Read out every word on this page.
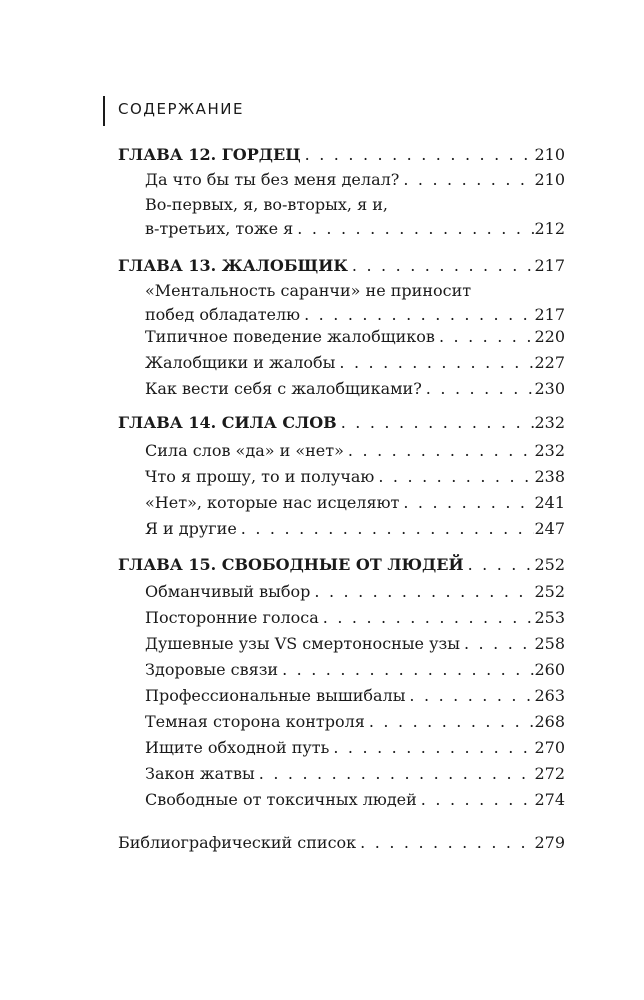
СОДЕРЖАНИЕ
ГЛАВА 12. ГОРДЕЦ . . .	210
Да что бы ты без меня делал? . . .	210
Во-первых, я, во-вторых, я и,
в-третьих, тоже я . . .	212
ГЛАВА 13. ЖАЛОБЩИК . . .	217
«Ментальность саранчи» не приносит
побед обладателю . . .	217
Типичное поведение жалобщиков . . .	220
Жалобщики и жалобы . . .	227
Как вести себя с жалобщиками? . . .	230
ГЛАВА 14. СИЛА СЛОВ . . .	232
Сила слов «да» и «нет» . . .	232
Что я прошу, то и получаю . . .	238
«Нет», которые нас исцеляют . . .	241
Я и другие . . .	247
ГЛАВА 15. СВОБОДНЫЕ ОТ ЛЮДЕЙ . . .	252
Обманчивый выбор . . .	252
Посторонние голоса . . .	253
Душевные узы VS смертоносные узы . . .	258
Здоровые связи . . .	260
Профессиональные вышибалы . . .	263
Темная сторона контроля . . .	268
Ищите обходной путь . . .	270
Закон жатвы . . .	272
Свободные от токсичных людей . . .	274
Библиографический список . . .	279
